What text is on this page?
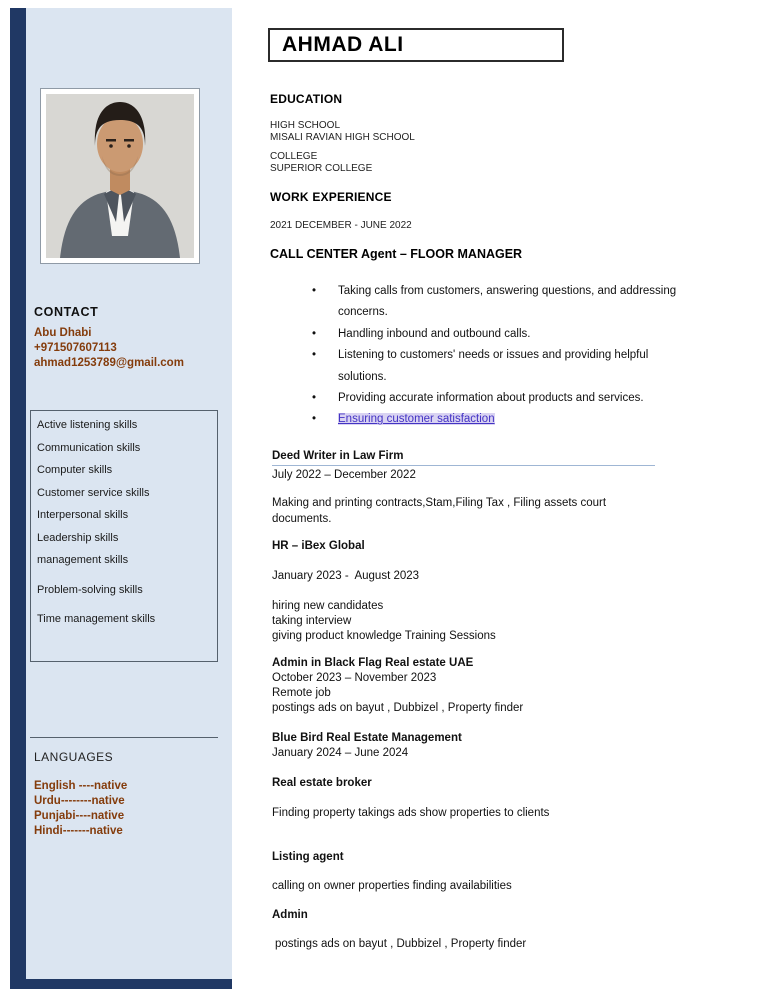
CONTACT
Abu Dhabi
+971507607113
ahmad1253789@gmail.com
Active listening skills
Communication skills
Computer skills
Customer service skills
Interpersonal skills
Leadership skills
management skills
Problem-solving skills
Time management skills
LANGUAGES
English ----native
Urdu--------native
Punjabi----native
Hindi-------native
AHMAD ALI
EDUCATION
HIGH SCHOOL
MISALI RAVIAN HIGH SCHOOL
COLLEGE
SUPERIOR COLLEGE
WORK EXPERIENCE
2021 DECEMBER - JUNE 2022
CALL CENTER Agent – FLOOR MANAGER
•	Taking calls from customers, answering questions, and addressing concerns.
•	Handling inbound and outbound calls.
•	Listening to customers' needs or issues and providing helpful solutions.
•	Providing accurate information about products and services.
•	Ensuring customer satisfaction
Deed Writer in Law Firm
July 2022 – December 2022
Making and printing contracts,Stam,Filing Tax , Filing assets court documents.
HR – iBex Global
January 2023 -  August 2023
hiring new candidates
taking interview
giving product knowledge Training Sessions
Admin in Black Flag Real estate UAE
October 2023 – November 2023
Remote job
postings ads on bayut , Dubbizel , Property finder
Blue Bird Real Estate Management
January 2024 – June 2024
Real estate broker
Finding property takings ads show properties to clients
Listing agent
calling on owner properties finding availabilities
Admin
postings ads on bayut , Dubbizel , Property finder
